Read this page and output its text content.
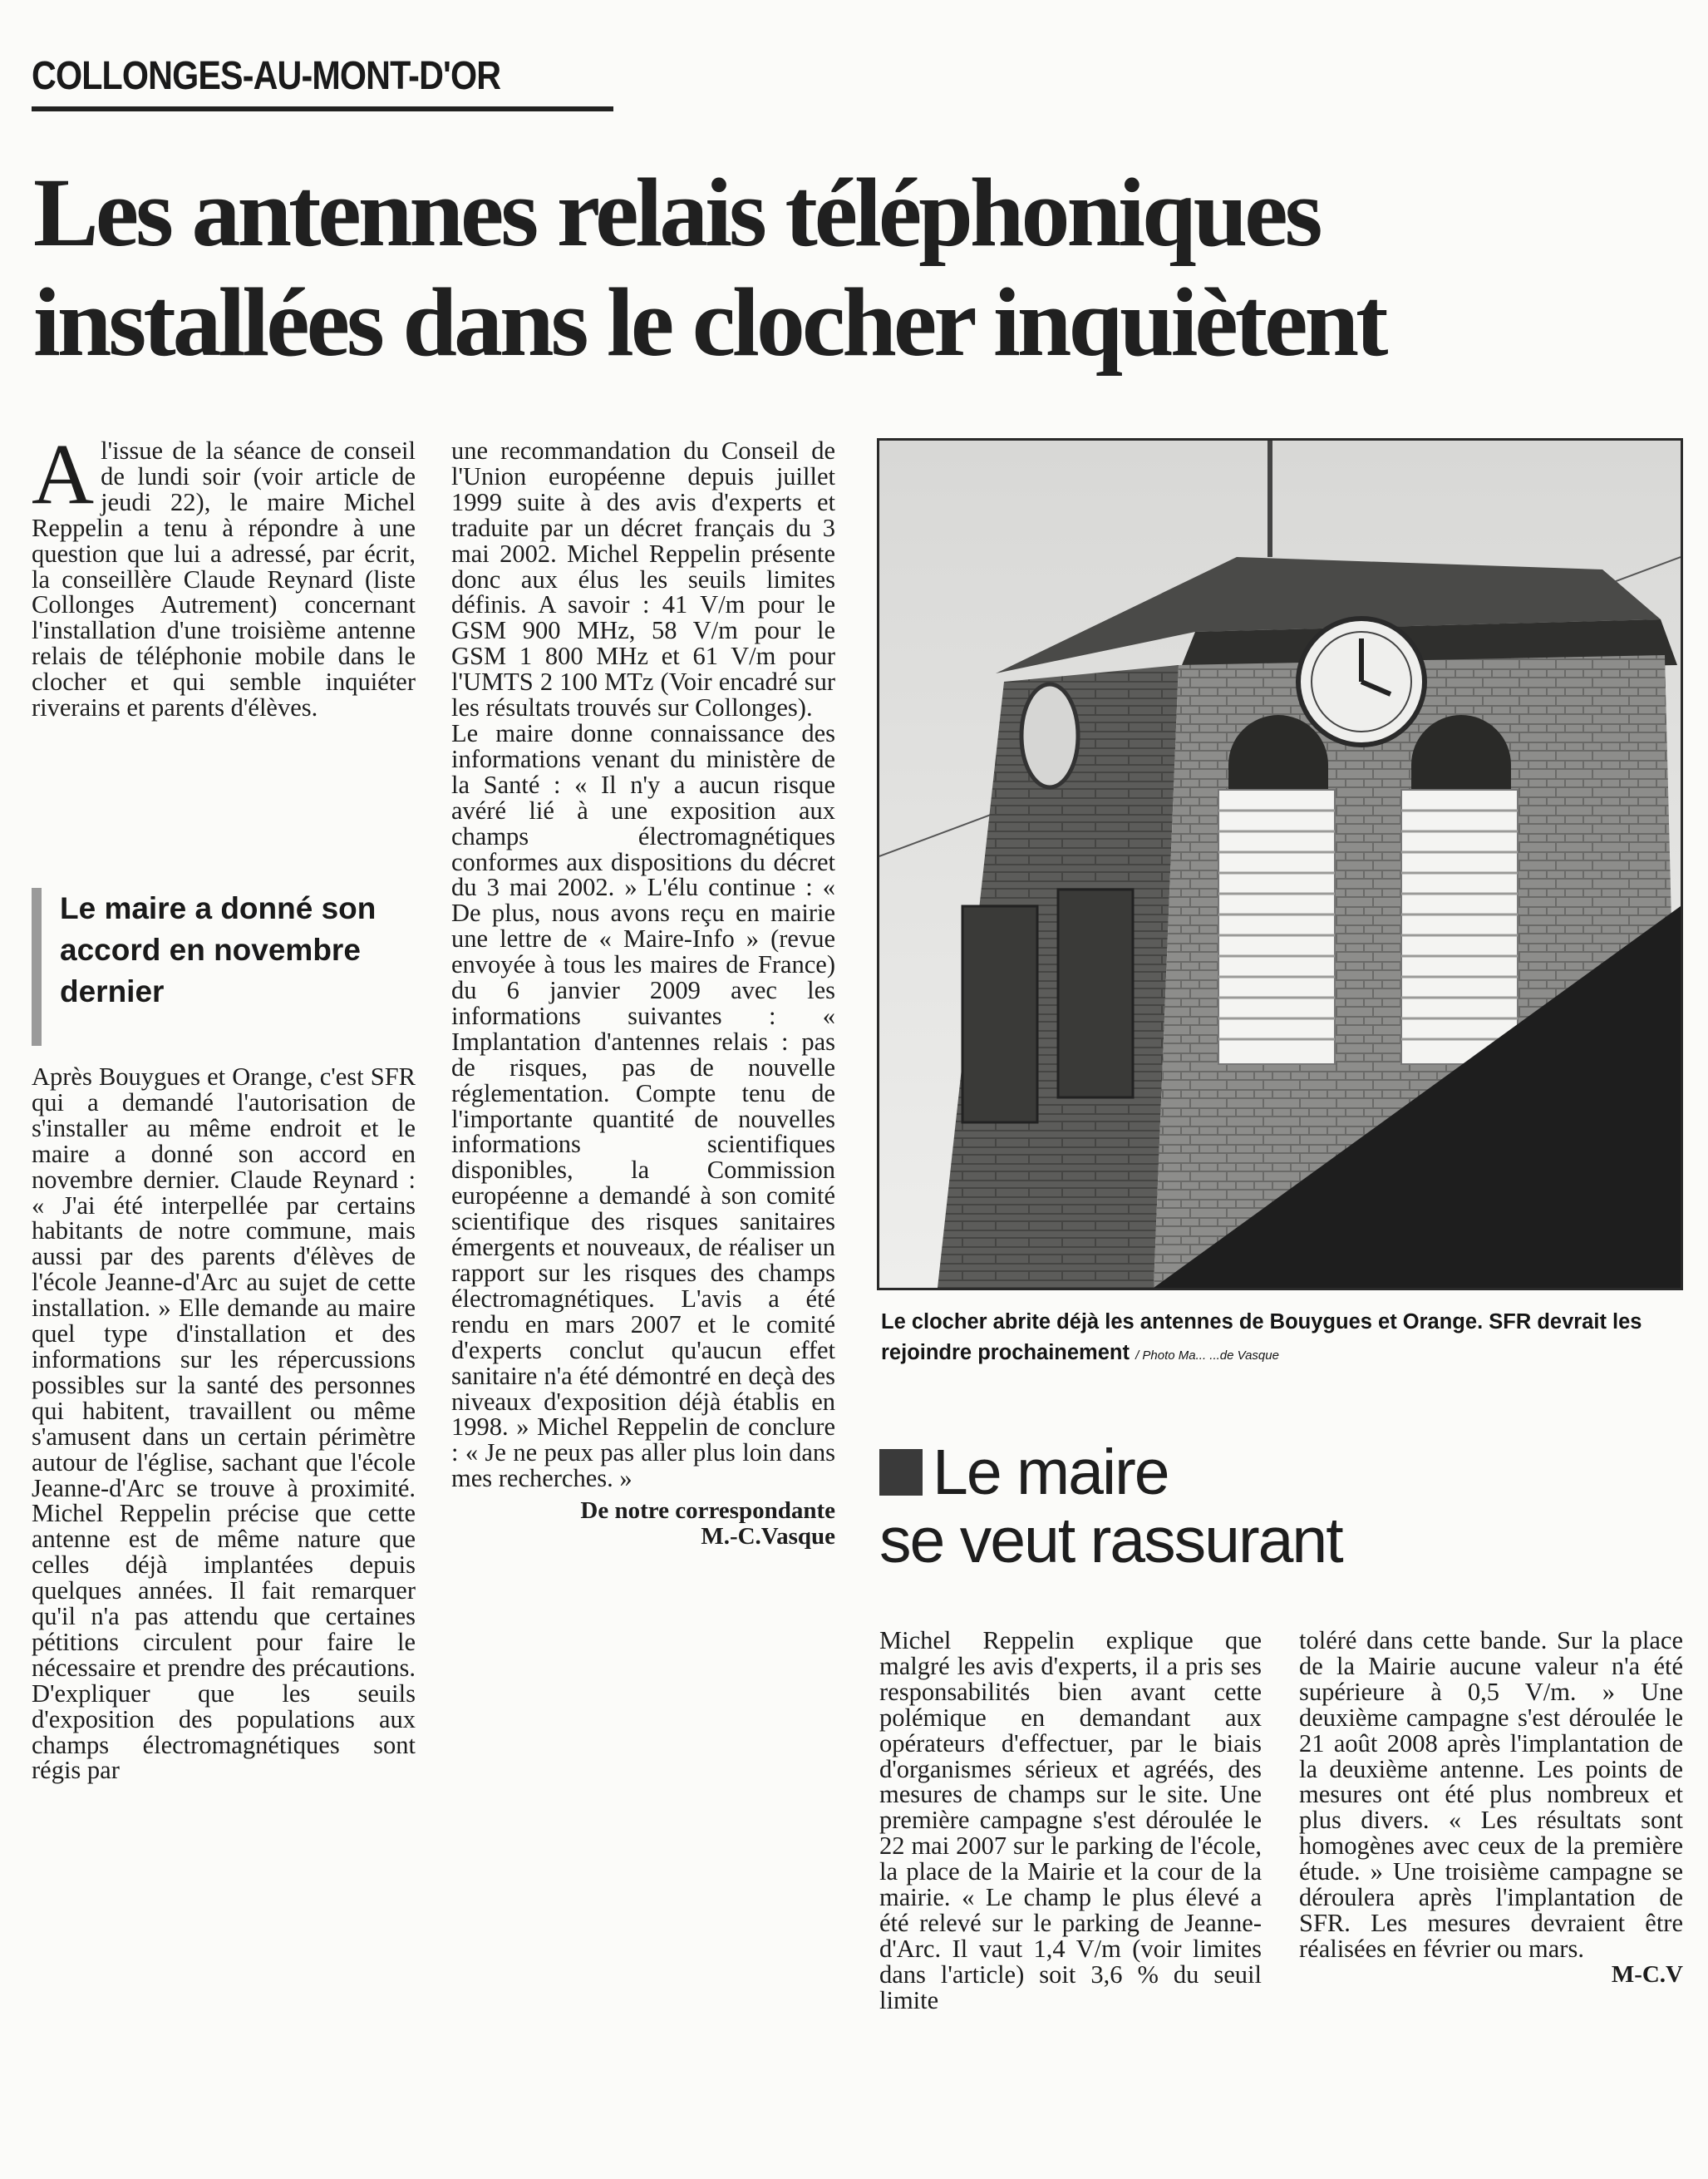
COLLONGES-AU-MONT-D'OR
Les antennes relais téléphoniques
installées dans le clocher inquiètent
A l'issue de la séance de conseil de lundi soir (voir article de jeudi 22), le maire Michel Reppelin a tenu à répondre à une question que lui a adressé, par écrit, la conseillère Claude Reynard (liste Collonges Autrement) concernant l'installation d'une troisième antenne relais de téléphonie mobile dans le clocher et qui semble inquiéter riverains et parents d'élèves.

Le maire a donné son accord en novembre dernier

Après Bouygues et Orange, c'est SFR qui a demandé l'autorisation de s'installer au même endroit et le maire a donné son accord en novembre dernier. Claude Reynard : « J'ai été interpellée par certains habitants de notre commune, mais aussi par des parents d'élèves de l'école Jeanne-d'Arc au sujet de cette installation. » Elle demande au maire quel type d'installation et des informations sur les répercussions possibles sur la santé des personnes qui habitent, travaillent ou même s'amusent dans un certain périmètre autour de l'église, sachant que l'école Jeanne-d'Arc se trouve à proximité. Michel Reppelin précise que cette antenne est de même nature que celles déjà implantées depuis quelques années. Il fait remarquer qu'il n'a pas attendu que certaines pétitions circulent pour faire le nécessaire et prendre des précautions. D'expliquer que les seuils d'exposition des populations aux champs électromagnétiques sont régis par

une recommandation du Conseil de l'Union européenne depuis juillet 1999 suite à des avis d'experts et traduite par un décret français du 3 mai 2002. Michel Reppelin présente donc aux élus les seuils limites définis. A savoir : 41 V/m pour le GSM 900 MHz, 58 V/m pour le GSM 1 800 MHz et 61 V/m pour l'UMTS 2 100 MTz (Voir encadré sur les résultats trouvés sur Collonges).

Le maire donne connaissance des informations venant du ministère de la Santé : « Il n'y a aucun risque avéré lié à une exposition aux champs électromagnétiques conformes aux dispositions du décret du 3 mai 2002. » L'élu continue : « De plus, nous avons reçu en mairie une lettre de « Maire-Info » (revue envoyée à tous les maires de France) du 6 janvier 2009 avec les informations suivantes : « Implantation d'antennes relais : pas de risques, pas de nouvelle réglementation. Compte tenu de l'importante quantité de nouvelles informations scientifiques disponibles, la Commission européenne a demandé à son comité scientifique des risques sanitaires émergents et nouveaux, de réaliser un rapport sur les risques des champs électromagnétiques. L'avis a été rendu en mars 2007 et le comité d'experts conclut qu'aucun effet sanitaire n'a été démontré en deçà des niveaux d'exposition déjà établis en 1998. » Michel Reppelin de conclure : « Je ne peux pas aller plus loin dans mes recherches. »

De notre correspondante

M.-C.Vasque

Le clocher abrite déjà les antennes de Bouygues et Orange. SFR devrait les rejoindre prochainement / Photo Ma... ...de Vasque
Le maire
se veut rassurant

Michel Reppelin explique que malgré les avis d'experts, il a pris ses responsabilités bien avant cette polémique en demandant aux opérateurs d'effectuer, par le biais d'organismes sérieux et agréés, des mesures de champs sur le site. Une première campagne s'est déroulée le 22 mai 2007 sur le parking de l'école, la place de la Mairie et la cour de la mairie. « Le champ le plus élevé a été relevé sur le parking de Jeanne-d'Arc. Il vaut 1,4 V/m (voir limites dans l'article) soit 3,6 % du seuil limite

toléré dans cette bande. Sur la place de la Mairie aucune valeur n'a été supérieure à 0,5 V/m. » Une deuxième campagne s'est déroulée le 21 août 2008 après l'implantation de la deuxième antenne. Les points de mesures ont été plus nombreux et plus divers. « Les résultats sont homogènes avec ceux de la première étude. » Une troisième campagne se déroulera après l'implantation de SFR. Les mesures devraient être réalisées en février ou mars.

M-C.V
